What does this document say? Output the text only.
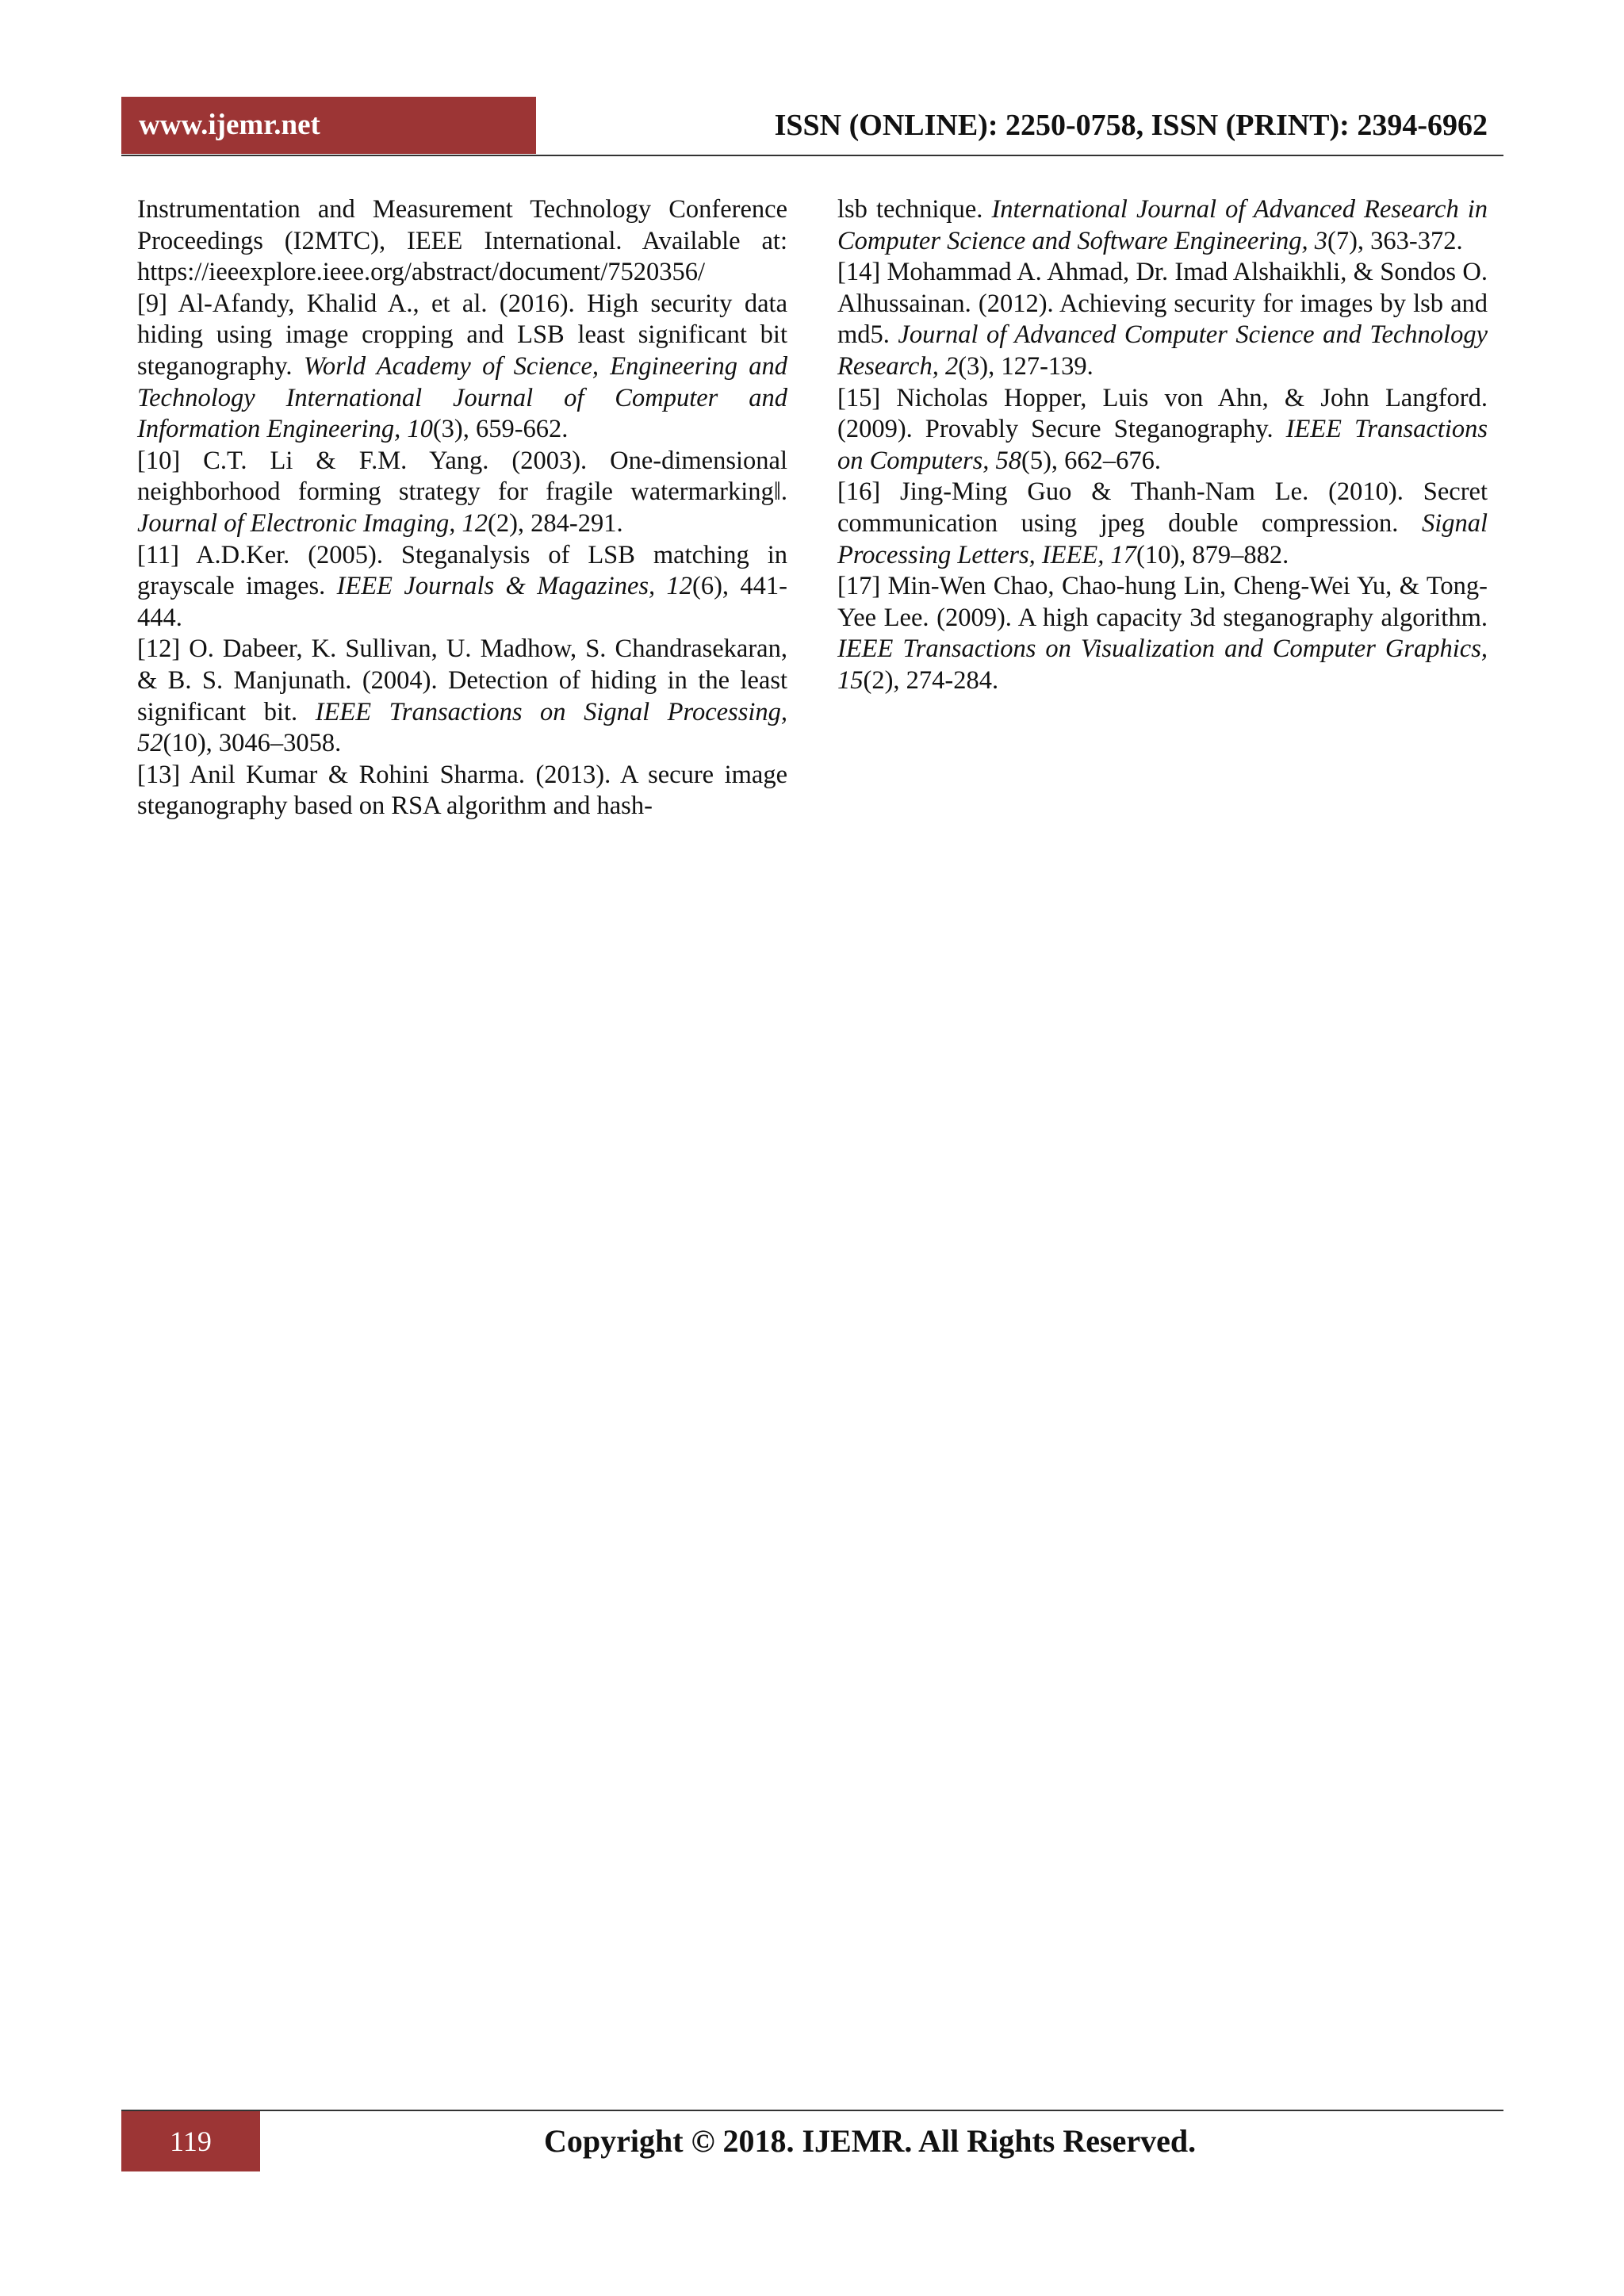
www.ijemr.net	ISSN (ONLINE): 2250-0758, ISSN (PRINT): 2394-6962

Instrumentation and Measurement Technology Conference Proceedings (I2MTC), IEEE International. Available at: https://ieeexplore.ieee.org/abstract/document/7520356/

[9] Al-Afandy, Khalid A., et al. (2016). High security data hiding using image cropping and LSB least significant bit steganography. World Academy of Science, Engineering and Technology International Journal of Computer and Information Engineering, 10(3), 659-662.

[10] C.T. Li & F.M. Yang. (2003). One-dimensional neighborhood forming strategy for fragile watermarking‖. Journal of Electronic Imaging, 12(2), 284-291.

[11] A.D.Ker. (2005). Steganalysis of LSB matching in grayscale images. IEEE Journals & Magazines, 12(6), 441-444.

[12] O. Dabeer, K. Sullivan, U. Madhow, S. Chandrasekaran, & B. S. Manjunath. (2004). Detection of hiding in the least significant bit. IEEE Transactions on Signal Processing, 52(10), 3046–3058.

[13] Anil Kumar & Rohini Sharma. (2013). A secure image steganography based on RSA algorithm and hash-

lsb technique. International Journal of Advanced Research in Computer Science and Software Engineering, 3(7), 363-372.

[14] Mohammad A. Ahmad, Dr. Imad Alshaikhli, & Sondos O. Alhussainan. (2012). Achieving security for images by lsb and md5. Journal of Advanced Computer Science and Technology Research, 2(3), 127-139.

[15] Nicholas Hopper, Luis von Ahn, & John Langford. (2009). Provably Secure Steganography. IEEE Transactions on Computers, 58(5), 662–676.

[16] Jing-Ming Guo & Thanh-Nam Le. (2010). Secret communication using jpeg double compression. Signal Processing Letters, IEEE, 17(10), 879–882.

[17] Min-Wen Chao, Chao-hung Lin, Cheng-Wei Yu, & Tong-Yee Lee. (2009). A high capacity 3d steganography algorithm. IEEE Transactions on Visualization and Computer Graphics, 15(2), 274-284.

119	Copyright © 2018. IJEMR. All Rights Reserved.
